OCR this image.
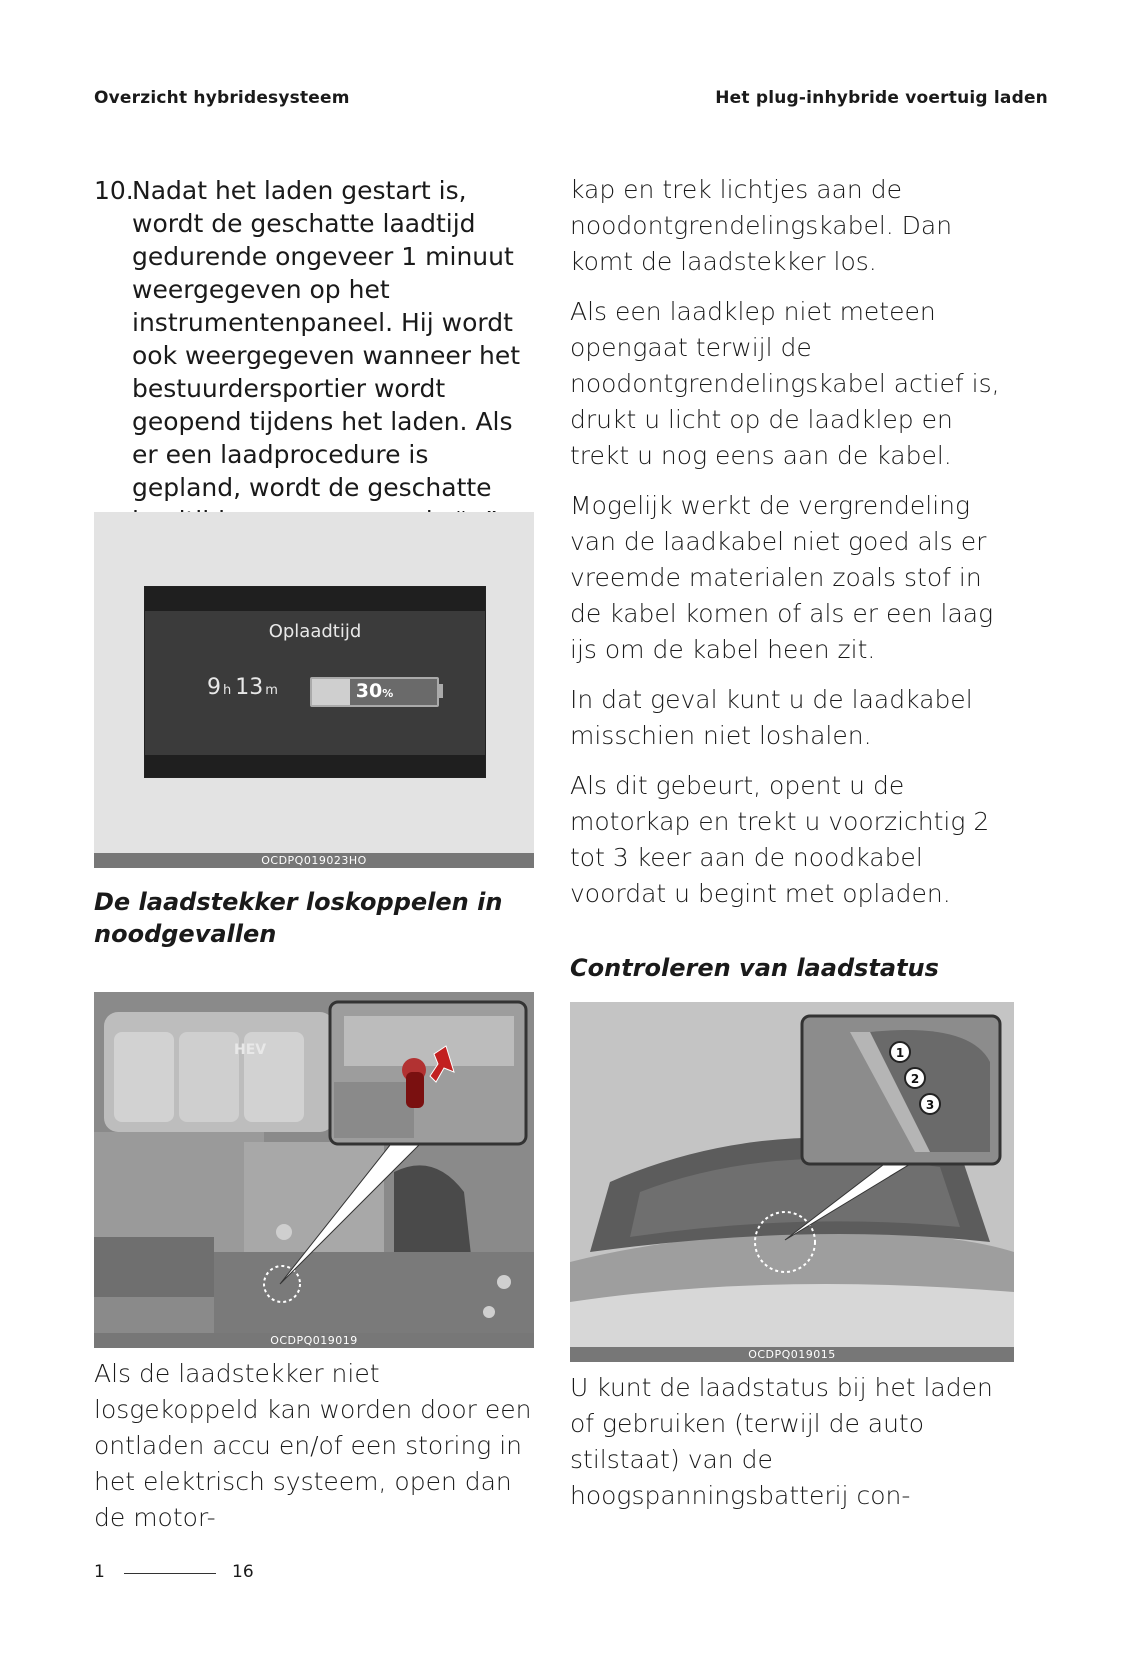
Overzicht hybridesysteem	Het plug-inhybride voertuig laden
10.

Nadat het laden gestart is, wordt de geschatte laadtijd gedurende ongeveer 1 minuut weergegeven op het instrumentenpaneel. Hij wordt ook weergegeven wanneer het bestuurdersportier wordt geopend tijdens het laden. Als er een laadprocedure is gepland, wordt de geschatte

Oplaadtijd
9 h 13 m	30%
OCDPQ019023HO
De laadstekker loskoppelen in noodgevallen
HEV
OCDPQ019019

Als de laadstekker niet losgekoppeld kan worden door een ontladen accu en/of een storing in het elektrisch systeem, open dan de motor-

kap en trek lichtjes aan de noodontgrendelingskabel. Dan komt de laadstekker los.

Als een laadklep niet meteen opengaat terwijl de noodontgrendelingskabel actief is, drukt u licht op de laadklep en trekt u nog eens aan de kabel.

Mogelijk werkt de vergrendeling van de laadkabel niet goed als er vreemde materialen zoals stof in de kabel komen of als er een laag ijs om de kabel heen zit.

In dat geval kunt u de laadkabel misschien niet loshalen.

Als dit gebeurt, opent u de motorkap en trekt u voorzichtig 2 tot 3 keer aan de noodkabel voordat u begint met opladen.

Controleren van laadstatus
1
2
3
OCDPQ019015

U kunt de laadstatus bij het laden of gebruiken (terwijl de auto stilstaat) van de hoogspanningsbatterij con-

1	16
